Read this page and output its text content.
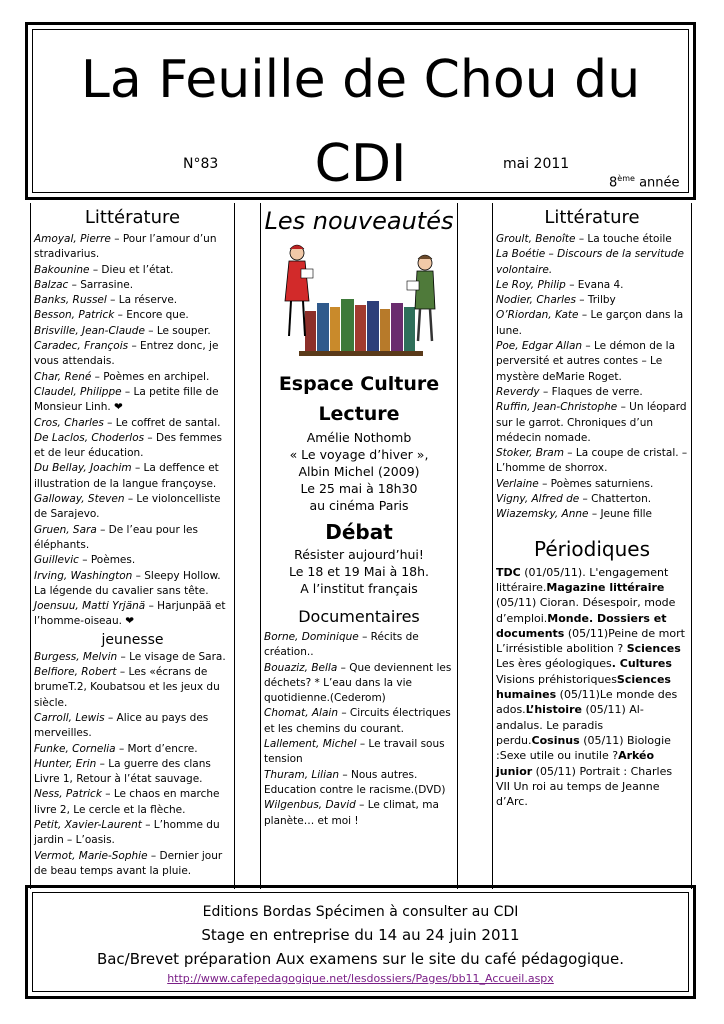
La Feuille de Chou du
CDI
N°83	mai 2011
8ème année
Littérature
Amoyal, Pierre – Pour l’amour d’un stradivarius.
Bakounine – Dieu et l’état.
Balzac – Sarrasine.
Banks, Russel – La réserve.
Besson, Patrick – Encore que.
Brisville, Jean-Claude – Le souper.
Caradec, François – Entrez donc, je vous attendais.
Char, René – Poèmes en archipel.
Claudel, Philippe – La petite fille de Monsieur Linh. ❤
Cros, Charles – Le coffret de santal.
De Laclos, Choderlos – Des femmes et de leur éducation.
Du Bellay, Joachim – La deffence et illustration de la langue françoyse.
Galloway, Steven – Le violoncelliste de Sarajevo.
Gruen, Sara – De l’eau pour les éléphants.
Guillevic – Poèmes.
Irving, Washington – Sleepy Hollow. La légende du cavalier sans tête.
Joensuu, Matti Yrjänä – Harjunpää et l’homme-oiseau. ❤
jeunesse
Burgess, Melvin – Le visage de Sara.
Belfiore, Robert – Les «écrans de brumeT.2, Koubatsou et les jeux du siècle.
Carroll, Lewis – Alice au pays des merveilles.
Funke, Cornelia – Mort d’encre.
Hunter, Erin – La guerre des clans Livre 1, Retour à l’état sauvage.
Ness, Patrick – Le chaos en marche livre 2, Le cercle et la flèche.
Petit, Xavier-Laurent – L’homme du jardin – L’oasis.
Vermot, Marie-Sophie – Dernier jour de beau temps avant la pluie.
Les nouveautés
Espace Culture
Lecture
Amélie Nothomb
« Le voyage d’hiver »,
Albin Michel (2009)
Le 25 mai à 18h30
au cinéma Paris
Débat
Résister aujourd’hui!
Le 18 et 19 Mai à 18h.
A l’institut français
Documentaires
Borne, Dominique – Récits de création..
Bouaziz, Bella – Que deviennent les déchets? * L’eau dans la vie quotidienne.(Cederom)
Chomat, Alain – Circuits électriques et les chemins du courant.
Lallement, Michel – Le travail sous tension
Thuram, Lilian – Nous autres. Education contre le racisme.(DVD)
Wilgenbus, David – Le climat, ma planète… et moi !
Littérature
Groult, Benoîte – La touche étoile
La Boétie – Discours de la servitude volontaire.
Le Roy, Philip – Evana 4.
Nodier, Charles – Trilby
O’Riordan, Kate – Le garçon dans la lune.
Poe, Edgar Allan – Le démon de la perversité et autres contes – Le mystère deMarie Roget.
Reverdy – Flaques de verre.
Ruffin, Jean-Christophe – Un léopard sur le garrot. Chroniques d’un médecin nomade.
Stoker, Bram – La coupe de cristal. – L’homme de shorrox.
Verlaine – Poèmes saturniens.
Vigny, Alfred de – Chatterton.
Wiazemsky, Anne – Jeune fille
Périodiques
TDC (01/05/11). L'engagement littéraire.Magazine littéraire (05/11) Cioran. Désespoir, mode d’emploi.Monde. Dossiers et documents (05/11)Peine de mort L’irrésistible abolition ? Sciences Les ères géologiques. Cultures Visions préhistoriquesSciences humaines (05/11)Le monde des ados.L’histoire (05/11) Al-andalus. Le paradis perdu.Cosinus (05/11) Biologie :Sexe utile ou inutile ?Arkéo junior (05/11) Portrait : Charles VII Un roi au temps de Jeanne d’Arc.
Editions Bordas Spécimen à consulter au CDI
Stage en entreprise du 14 au 24 juin 2011
Bac/Brevet préparation Aux examens sur le site du café pédagogique.
http://www.cafepedagogique.net/lesdossiers/Pages/bb11_Accueil.aspx
